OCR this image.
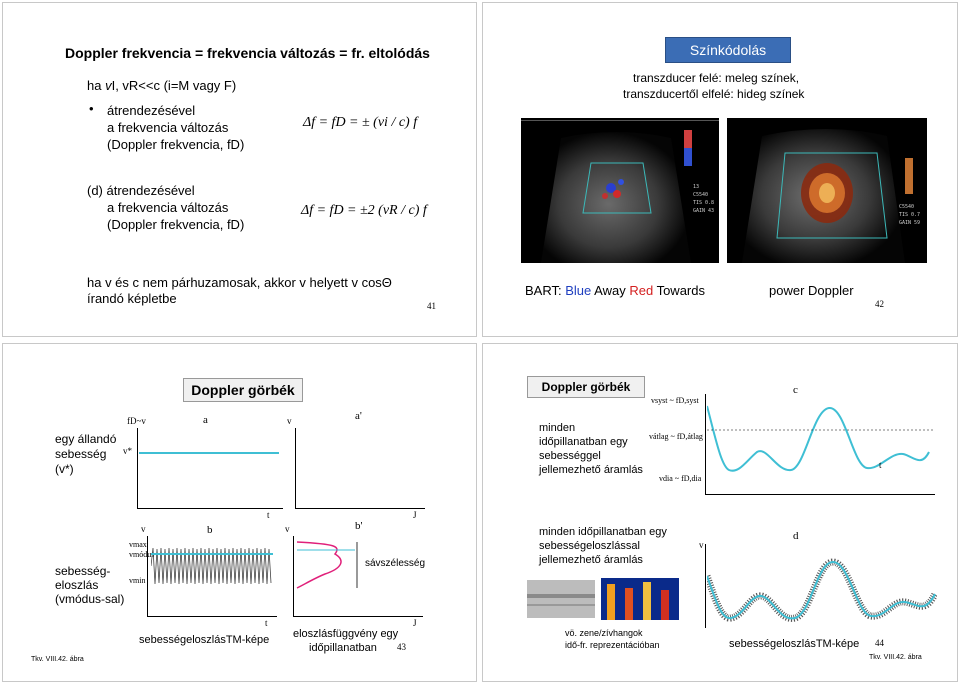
Doppler frekvencia = frekvencia változás = fr. eltolódás
ha vI, vR<<c (i=M vagy F)
• átrendezésével
a frekvencia változás
(Doppler frekvencia, fD)
Δf = fD = ± (vi / c) f
(d) átrendezésével
a frekvencia változás
(Doppler frekvencia, fD)
Δf = fD = ±2 (vR / c) f
ha v és c nem párhuzamosak, akkor v helyett v cosΘ
írandó képletbe	41
Színkódolás
transzducer felé: meleg színek,
transzducertől elfelé: hideg színek
13
C5540
TIS 0.8
GAIN 43
C5540
TIS 0.7
GAIN 59
BART: Blue Away Red Towards	power Doppler
42
Doppler görbék
egy állandó
sebesség
(v*)
fD~v
v*
a
t
v	a'
J
sebesség-
eloszlás
(vmódus-sal)
v
vmax
vmódus
vmin
b
t
v	b'
sávszélesség
J
sebességeloszlásTM-képe eloszlásfüggvény egy
időpillanatban 43
Tkv. VIII.42. ábra
Doppler görbék	c
vsyst ~ fD,syst
vátlag ~ fD,átlag
vdia ~ fD,dia
t
minden
időpillanatban egy
sebességgel
jellemezhető áramlás
minden időpillanatban egy
sebességeloszlással
jellemezhető áramlás
v
d
vö. zene/zívhangok
idő-fr. reprezentációban	sebességeloszlásTM-képe 44
Tkv. VIII.42. ábra
